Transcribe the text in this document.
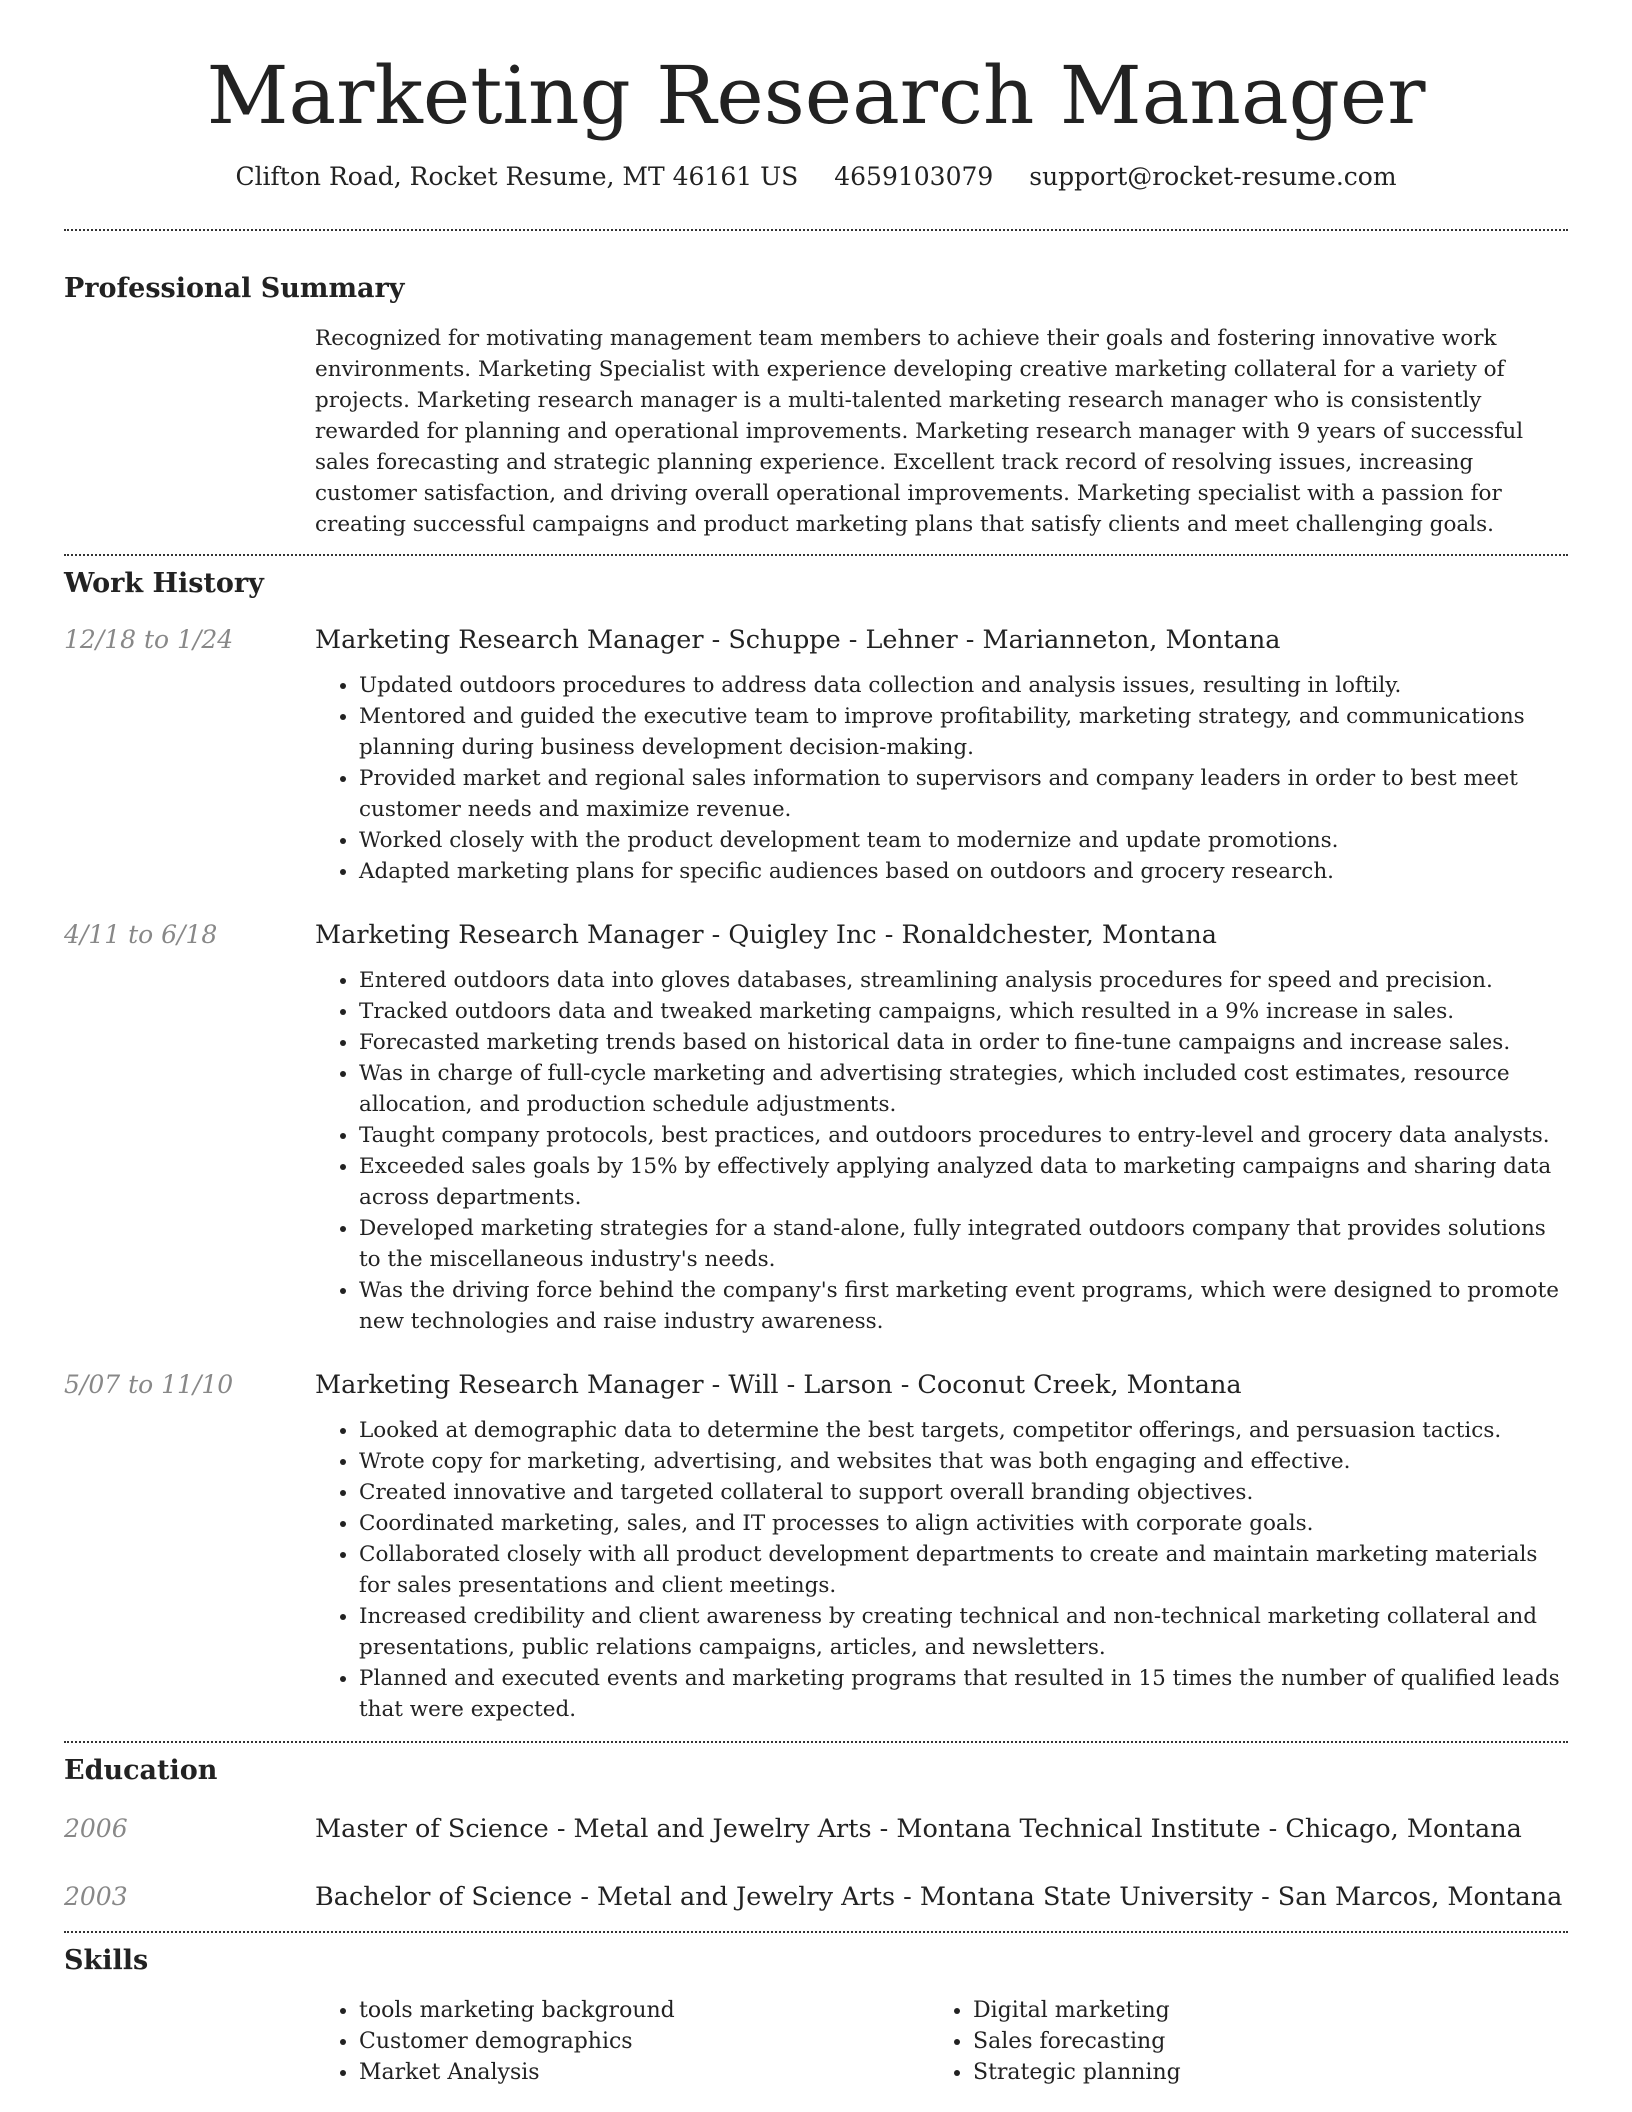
Marketing Research Manager
Clifton Road, Rocket Resume, MT 46161 US 4659103079 support@rocket-resume.com
Professional Summary
Recognized for motivating management team members to achieve their goals and fostering innovative work environments. Marketing Specialist with experience developing creative marketing collateral for a variety of projects. Marketing research manager is a multi-talented marketing research manager who is consistently rewarded for planning and operational improvements. Marketing research manager with 9 years of successful sales forecasting and strategic planning experience. Excellent track record of resolving issues, increasing customer satisfaction, and driving overall operational improvements. Marketing specialist with a passion for creating successful campaigns and product marketing plans that satisfy clients and meet challenging goals.
Work History
12/18 to 1/24	Marketing Research Manager - Schuppe - Lehner - Marianneton, Montana
• Updated outdoors procedures to address data collection and analysis issues, resulting in loftily.
• Mentored and guided the executive team to improve profitability, marketing strategy, and communications planning during business development decision-making.
• Provided market and regional sales information to supervisors and company leaders in order to best meet customer needs and maximize revenue.
• Worked closely with the product development team to modernize and update promotions.
• Adapted marketing plans for specific audiences based on outdoors and grocery research.
4/11 to 6/18	Marketing Research Manager - Quigley Inc - Ronaldchester, Montana
• Entered outdoors data into gloves databases, streamlining analysis procedures for speed and precision.
• Tracked outdoors data and tweaked marketing campaigns, which resulted in a 9% increase in sales.
• Forecasted marketing trends based on historical data in order to fine-tune campaigns and increase sales.
• Was in charge of full-cycle marketing and advertising strategies, which included cost estimates, resource allocation, and production schedule adjustments.
• Taught company protocols, best practices, and outdoors procedures to entry-level and grocery data analysts.
• Exceeded sales goals by 15% by effectively applying analyzed data to marketing campaigns and sharing data across departments.
• Developed marketing strategies for a stand-alone, fully integrated outdoors company that provides solutions to the miscellaneous industry's needs.
• Was the driving force behind the company's first marketing event programs, which were designed to promote new technologies and raise industry awareness.
5/07 to 11/10	Marketing Research Manager - Will - Larson - Coconut Creek, Montana
• Looked at demographic data to determine the best targets, competitor offerings, and persuasion tactics.
• Wrote copy for marketing, advertising, and websites that was both engaging and effective.
• Created innovative and targeted collateral to support overall branding objectives.
• Coordinated marketing, sales, and IT processes to align activities with corporate goals.
• Collaborated closely with all product development departments to create and maintain marketing materials for sales presentations and client meetings.
• Increased credibility and client awareness by creating technical and non-technical marketing collateral and presentations, public relations campaigns, articles, and newsletters.
• Planned and executed events and marketing programs that resulted in 15 times the number of qualified leads that were expected.
Education
2006	Master of Science - Metal and Jewelry Arts - Montana Technical Institute - Chicago, Montana
2003	Bachelor of Science - Metal and Jewelry Arts - Montana State University - San Marcos, Montana
Skills
• tools marketing background
• Customer demographics
• Market Analysis
• Digital marketing
• Sales forecasting
• Strategic planning
